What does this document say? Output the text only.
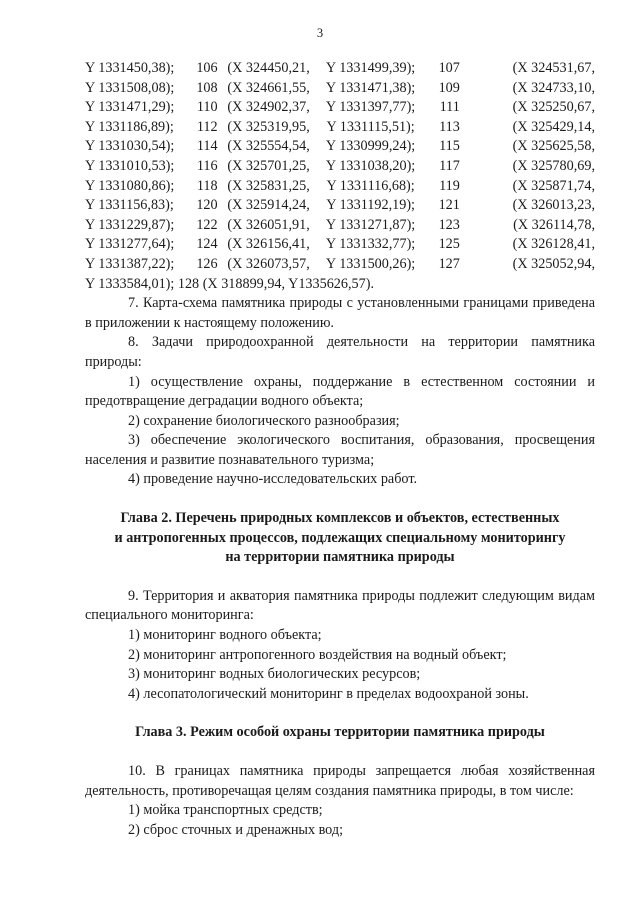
3
Y 1331450,38);	106	(X 324450,21,	Y 1331499,39);	107	(X 324531,67,
Y 1331508,08);	108	(X 324661,55,	Y 1331471,38);	109	(X 324733,10,
Y 1331471,29);	110	(X 324902,37,	Y 1331397,77);	111	(X 325250,67,
Y 1331186,89);	112	(X 325319,95,	Y 1331115,51);	113	(X 325429,14,
Y 1331030,54);	114	(X 325554,54,	Y 1330999,24);	115	(X 325625,58,
Y 1331010,53);	116	(X 325701,25,	Y 1331038,20);	117	(X 325780,69,
Y 1331080,86);	118	(X 325831,25,	Y 1331116,68);	119	(X 325871,74,
Y 1331156,83);	120	(X 325914,24,	Y 1331192,19);	121	(X 326013,23,
Y 1331229,87);	122	(X 326051,91,	Y 1331271,87);	123	(X 326114,78,
Y 1331277,64);	124	(X 326156,41,	Y 1331332,77);	125	(X 326128,41,
Y 1331387,22);	126	(X 326073,57,	Y 1331500,26);	127	(X 325052,94,

Y 1333584,01); 128 (X 318899,94, Y1335626,57).

7. Карта-схема памятника природы с установленными границами приведена в приложении к настоящему положению.

8. Задачи природоохранной деятельности на территории памятника природы:

1) осуществление охраны, поддержание в естественном состоянии и предотвращение деградации водного объекта;

2) сохранение биологического разнообразия;

3) обеспечение экологического воспитания, образования, просвещения населения и развитие познавательного туризма;

4) проведение научно-исследовательских работ.

Глава 2. Перечень природных комплексов и объектов, естественных
и антропогенных процессов, подлежащих специальному мониторингу
на территории памятника природы

9. Территория и акватория памятника природы подлежит следующим видам специального мониторинга:

1) мониторинг водного объекта;

2) мониторинг антропогенного воздействия на водный объект;

3) мониторинг водных биологических ресурсов;

4) лесопатологический мониторинг в пределах водоохраной зоны.

Глава 3. Режим особой охраны территории памятника природы

10. В границах памятника природы запрещается любая хозяйственная деятельность, противоречащая целям создания памятника природы, в том числе:

1) мойка транспортных средств;

2) сброс сточных и дренажных вод;
